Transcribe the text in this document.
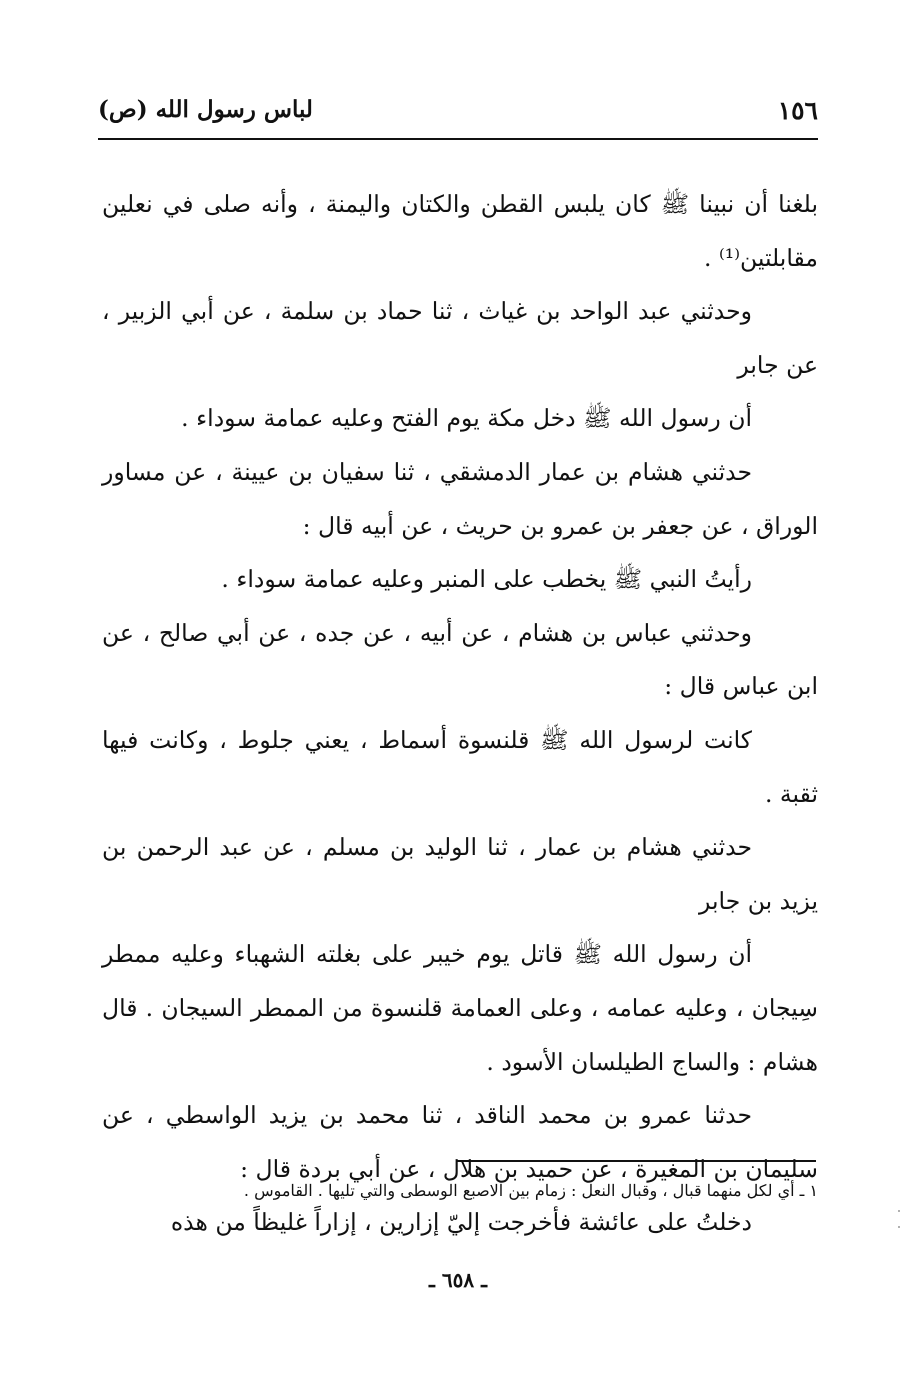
١٥٦
لباس رسول الله (ص)

بلغنا أن نبينا ﷺ كان يلبس القطن والكتان واليمنة ، وأنه صلى في نعلين مقابلتين⁽¹⁾ .

وحدثني عبد الواحد بن غياث ، ثنا حماد بن سلمة ، عن أبي الزبير ، عن جابر

أن رسول الله ﷺ دخل مكة يوم الفتح وعليه عمامة سوداء .

حدثني هشام بن عمار الدمشقي ، ثنا سفيان بن عيينة ، عن مساور الوراق ، عن جعفر بن عمرو بن حريث ، عن أبيه قال :

رأيتُ النبي ﷺ يخطب على المنبر وعليه عمامة سوداء .

وحدثني عباس بن هشام ، عن أبيه ، عن جده ، عن أبي صالح ، عن ابن عباس قال :

كانت لرسول الله ﷺ قلنسوة أسماط ، يعني جلوط ، وكانت فيها ثقبة .

حدثني هشام بن عمار ، ثنا الوليد بن مسلم ، عن عبد الرحمن بن يزيد بن جابر

أن رسول الله ﷺ قاتل يوم خيبر على بغلته الشهباء وعليه ممطر سِيجان ، وعليه عمامه ، وعلى العمامة قلنسوة من الممطر السيجان . قال هشام : والساج الطيلسان الأسود .

حدثنا عمرو بن محمد الناقد ، ثنا محمد بن يزيد الواسطي ، عن سليمان بن المغيرة ، عن حميد بن هلال ، عن أبي بردة قال :

دخلتُ على عائشة فأخرجت إليّ إزارين ، إزاراً غليظاً من هذه

١ ـ أي لكل منهما قبال ، وقبال النعل : زمام بين الاصبع الوسطى والتي تليها . القاموس .
ـ ٦٥٨ ـ
